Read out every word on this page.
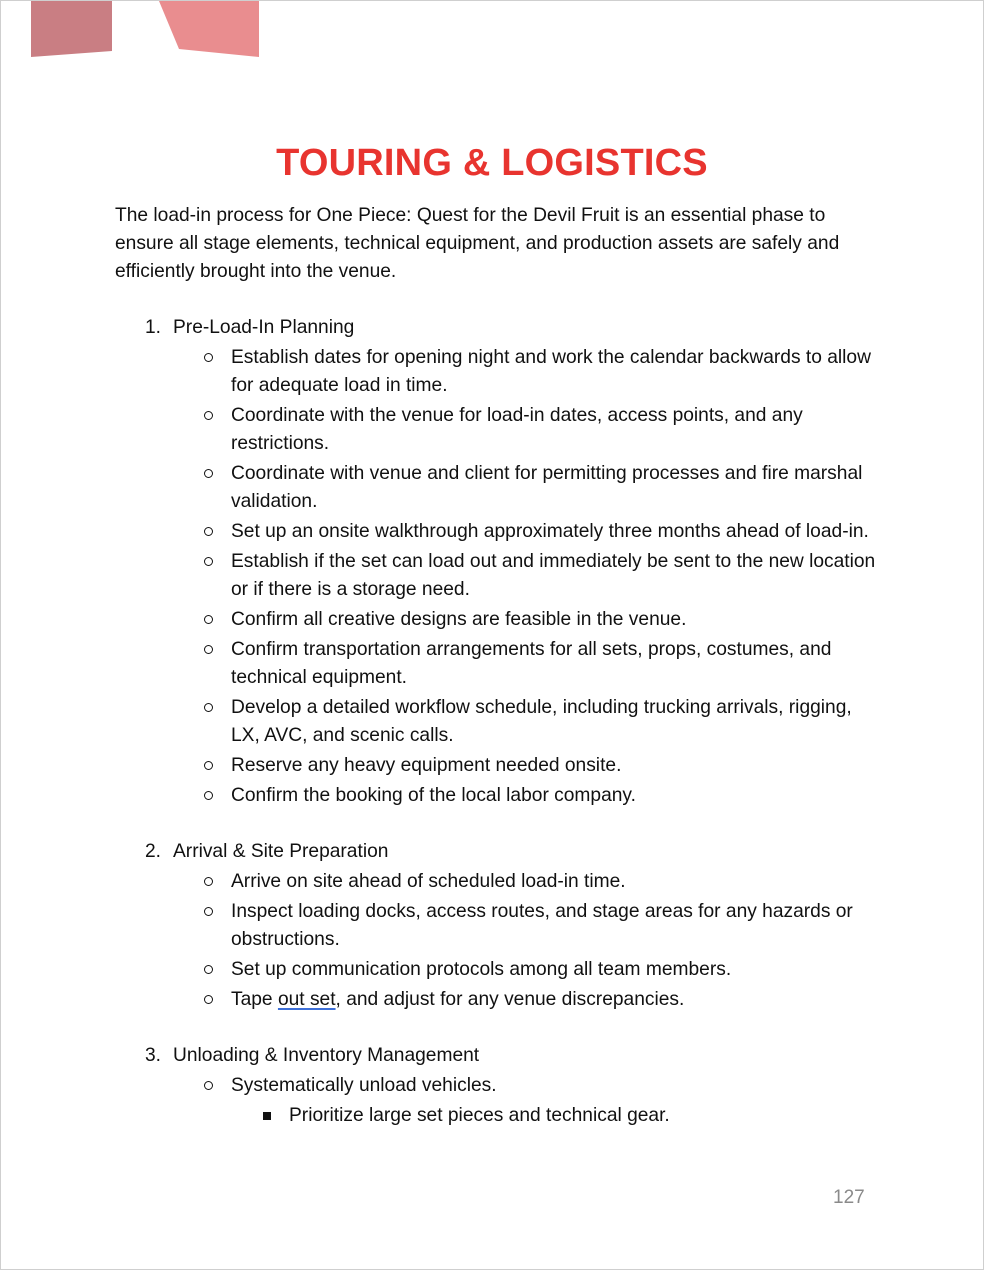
TOURING & LOGISTICS

The load-in process for One Piece: Quest for the Devil Fruit is an essential phase to ensure all stage elements, technical equipment, and production assets are safely and efficiently brought into the venue.

1. Pre-Load-In Planning
Establish dates for opening night and work the calendar backwards to allow for adequate load in time.
Coordinate with the venue for load-in dates, access points, and any restrictions.
Coordinate with venue and client for permitting processes and fire marshal validation.
Set up an onsite walkthrough approximately three months ahead of load-in.
Establish if the set can load out and immediately be sent to the new location or if there is a storage need.
Confirm all creative designs are feasible in the venue.
Confirm transportation arrangements for all sets, props, costumes, and technical equipment.
Develop a detailed workflow schedule, including trucking arrivals, rigging, LX, AVC, and scenic calls.
Reserve any heavy equipment needed onsite.
Confirm the booking of the local labor company.
2. Arrival & Site Preparation
Arrive on site ahead of scheduled load-in time.
Inspect loading docks, access routes, and stage areas for any hazards or obstructions.
Set up communication protocols among all team members.
Tape out set, and adjust for any venue discrepancies.
3. Unloading & Inventory Management
Systematically unload vehicles.
Prioritize large set pieces and technical gear.
127
